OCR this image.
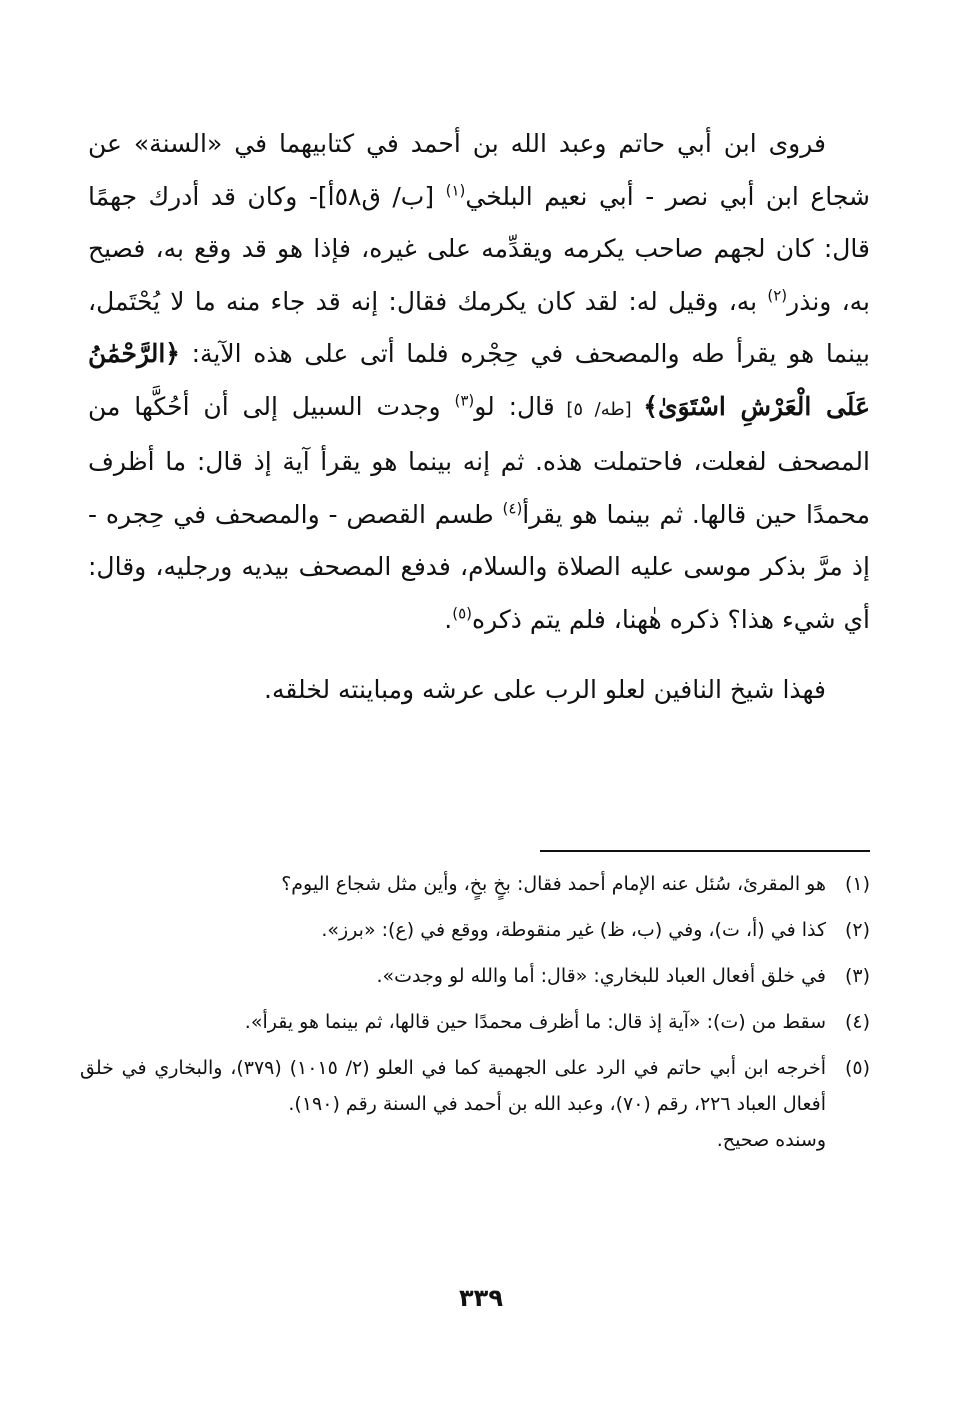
فروى ابن أبي حاتم وعبد الله بن أحمد في كتابيهما في «السنة» عن شجاع ابن أبي نصر - أبي نعيم البلخي$^{(١)}$ [ب/ ق٥٨أ]- وكان قد أدرك جهمًا قال: كان لجهم صاحب يكرمه ويقدِّمه على غيره، فإذا هو قد وقع به، فصيح به، ونذر$^{(٢)}$ به، وقيل له: لقد كان يكرمك فقال: إنه قد جاء منه ما لا يُحْتَمل، بينما هو يقرأ طه والمصحف في حِجْره فلما أتى على هذه الآية: ﴿الرَّحْمَٰنُ عَلَى الْعَرْشِ اسْتَوَىٰ﴾ [طه/ ٥] قال: لو$^{(٣)}$ وجدت السبيل إلى أن أحُكَّها من المصحف لفعلت، فاحتملت هذه. ثم إنه بينما هو يقرأ آية إذ قال: ما أظرف محمدًا حين قالها. ثم بينما هو يقرأ$^{(٤)}$ طسم القصص - والمصحف في حِجره - إذ مرَّ بذكر موسى عليه الصلاة والسلام، فدفع المصحف بيديه ورجليه، وقال: أي شيء هذا؟ ذكره هٰهنا، فلم يتم ذكره$^{(٥)}$.

فهذا شيخ النافين لعلو الرب على عرشه ومباينته لخلقه.

(١)
هو المقرئ، سُئل عنه الإمام أحمد فقال: بخٍ بخٍ، وأين مثل شجاع اليوم؟
(٢)
كذا في (أ، ت)، وفي (ب، ظ) غير منقوطة، ووقع في (ع): «برز».
(٣)
في خلق أفعال العباد للبخاري: «قال: أما والله لو وجدت».
(٤)
سقط من (ت): «آية إذ قال: ما أظرف محمدًا حين قالها، ثم بينما هو يقرأ».
(٥)
أخرجه ابن أبي حاتم في الرد على الجهمية كما في العلو (٢/ ١٠١٥) (٣٧٩)، والبخاري في خلق أفعال العباد ٢٢٦، رقم (٧٠)، وعبد الله بن أحمد في السنة رقم (١٩٠).
وسنده صحيح.
٣٣٩
